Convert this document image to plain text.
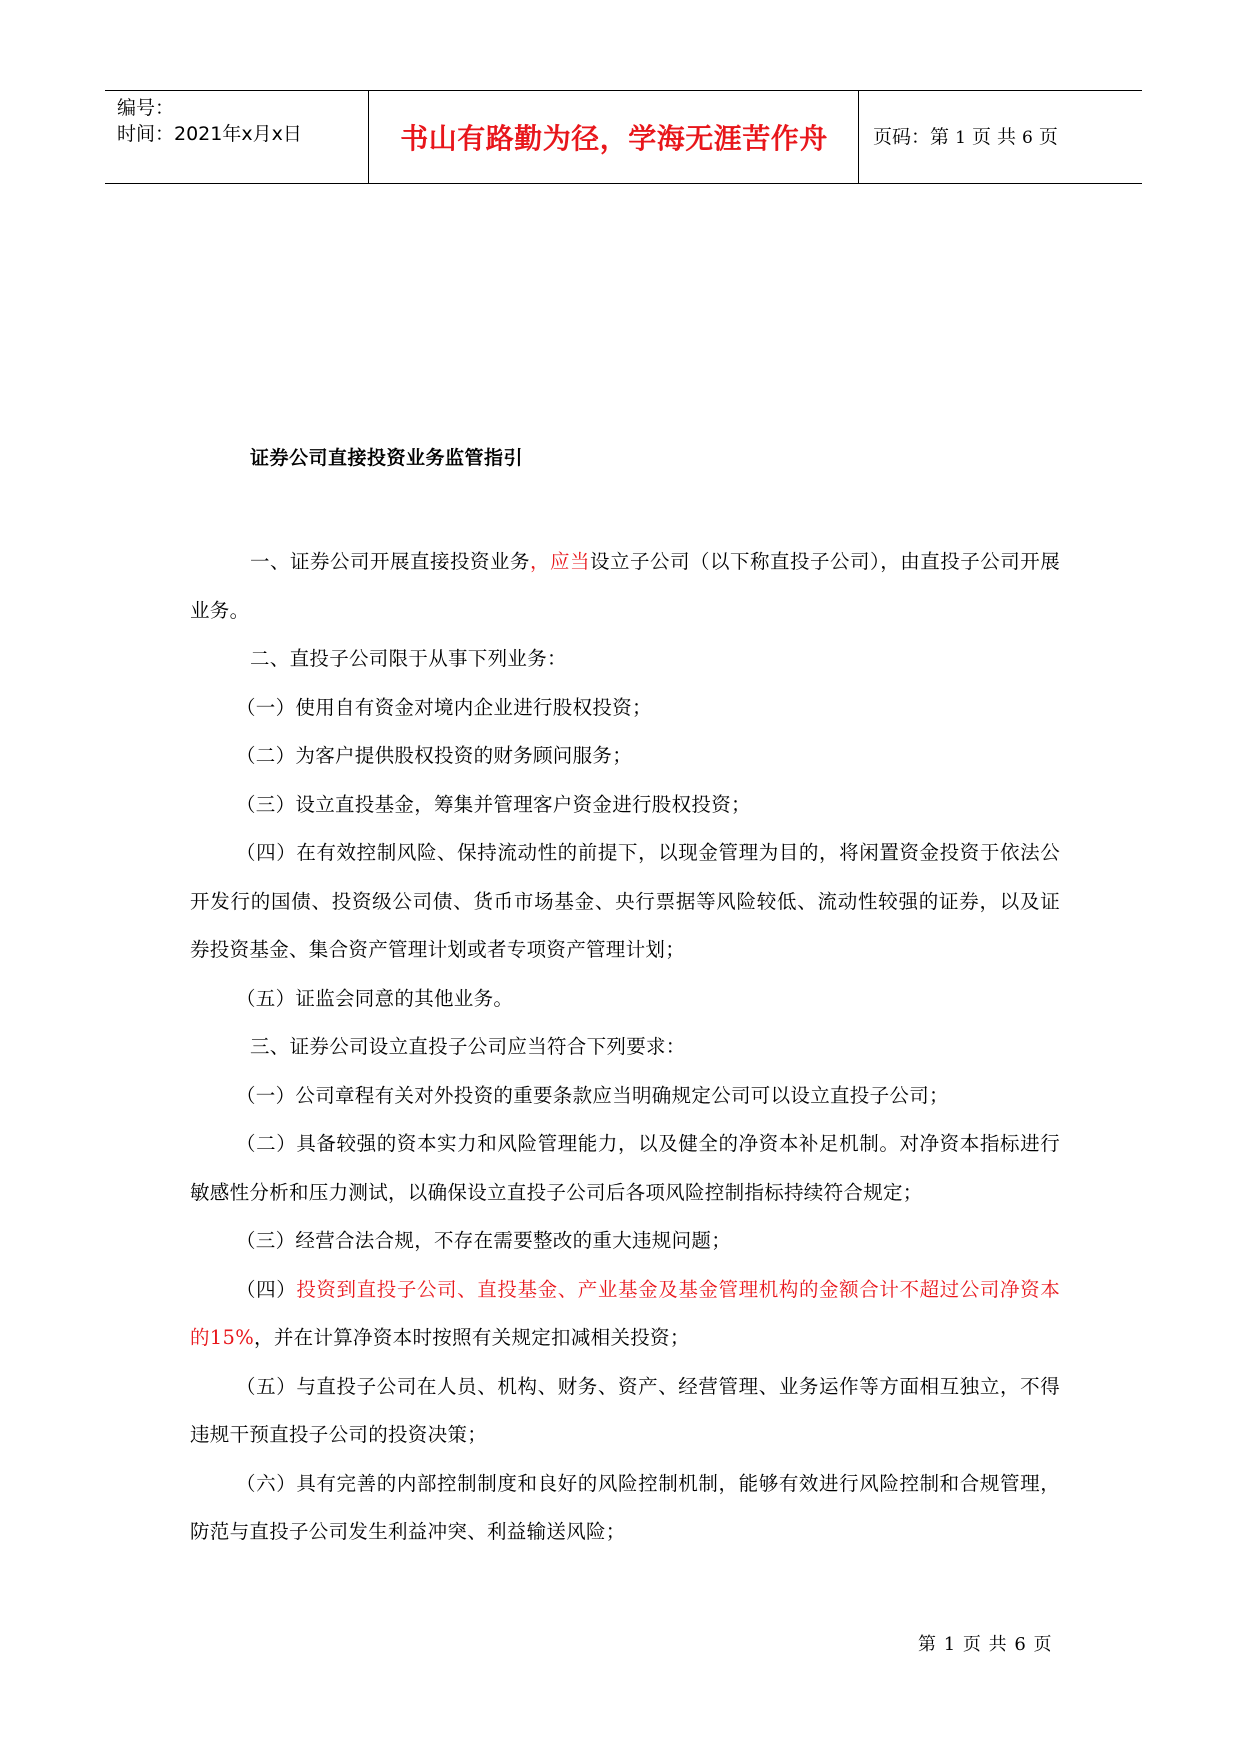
编号：
时间：2021年x月x日	书山有路勤为径，学海无涯苦作舟	页码：第 1 页 共 6 页
证券公司直接投资业务监管指引

一、证券公司开展直接投资业务，应当设立子公司（以下称直投子公司），由直投子公司开展业务。

二、直投子公司限于从事下列业务：

（一）使用自有资金对境内企业进行股权投资；

（二）为客户提供股权投资的财务顾问服务；

（三）设立直投基金，筹集并管理客户资金进行股权投资；

（四）在有效控制风险、保持流动性的前提下，以现金管理为目的，将闲置资金投资于依法公开发行的国债、投资级公司债、货币市场基金、央行票据等风险较低、流动性较强的证券，以及证券投资基金、集合资产管理计划或者专项资产管理计划；

（五）证监会同意的其他业务。

三、证券公司设立直投子公司应当符合下列要求：

（一）公司章程有关对外投资的重要条款应当明确规定公司可以设立直投子公司；

（二）具备较强的资本实力和风险管理能力，以及健全的净资本补足机制。对净资本指标进行敏感性分析和压力测试，以确保设立直投子公司后各项风险控制指标持续符合规定；

（三）经营合法合规，不存在需要整改的重大违规问题；

（四）投资到直投子公司、直投基金、产业基金及基金管理机构的金额合计不超过公司净资本的15%，并在计算净资本时按照有关规定扣减相关投资；

（五）与直投子公司在人员、机构、财务、资产、经营管理、业务运作等方面相互独立，不得违规干预直投子公司的投资决策；

（六）具有完善的内部控制制度和良好的风险控制机制，能够有效进行风险控制和合规管理，防范与直投子公司发生利益冲突、利益输送风险；

第 1 页 共 6 页
